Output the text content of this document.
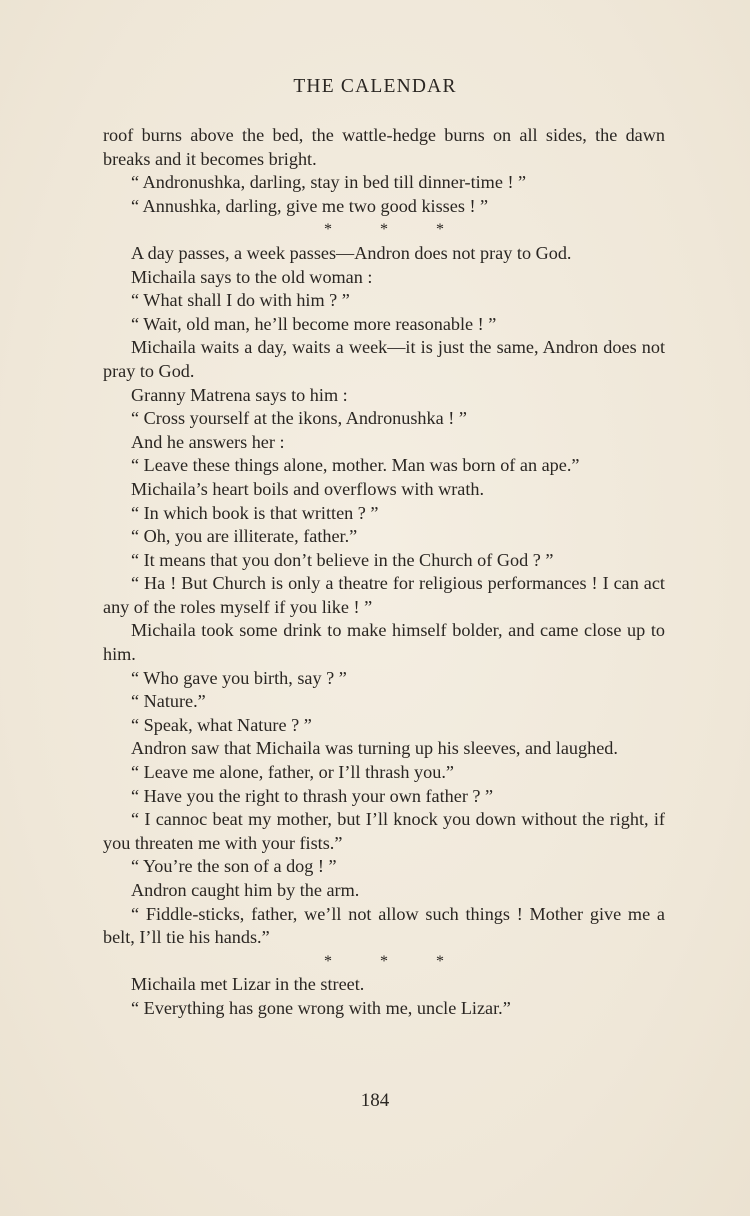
THE CALENDAR

roof burns above the bed, the wattle-hedge burns on all sides, the dawn breaks and it becomes bright.

“ Andronushka, darling, stay in bed till dinner-time ! ”

“ Annushka, darling, give me two good kisses ! ”

*	*	*

A day passes, a week passes—Andron does not pray to God.

Michaila says to the old woman :

“ What shall I do with him ? ”

“ Wait, old man, he’ll become more reasonable ! ”

Michaila waits a day, waits a week—it is just the same, Andron does not pray to God.

Granny Matrena says to him :

“ Cross yourself at the ikons, Andronushka ! ”

And he answers her :

“ Leave these things alone, mother. Man was born of an ape.”

Michaila’s heart boils and overflows with wrath.

“ In which book is that written ? ”

“ Oh, you are illiterate, father.”

“ It means that you don’t believe in the Church of God ? ”

“ Ha ! But Church is only a theatre for religious performances ! I can act any of the roles myself if you like ! ”

Michaila took some drink to make himself bolder, and came close up to him.

“ Who gave you birth, say ? ”

“ Nature.”

“ Speak, what Nature ? ”

Andron saw that Michaila was turning up his sleeves, and laughed.

“ Leave me alone, father, or I’ll thrash you.”

“ Have you the right to thrash your own father ? ”

“ I cannoc beat my mother, but I’ll knock you down without the right, if you threaten me with your fists.”

“ You’re the son of a dog ! ”

Andron caught him by the arm.

“ Fiddle-sticks, father, we’ll not allow such things ! Mother give me a belt, I’ll tie his hands.”

*	*	*

Michaila met Lizar in the street.

“ Everything has gone wrong with me, uncle Lizar.”

184
